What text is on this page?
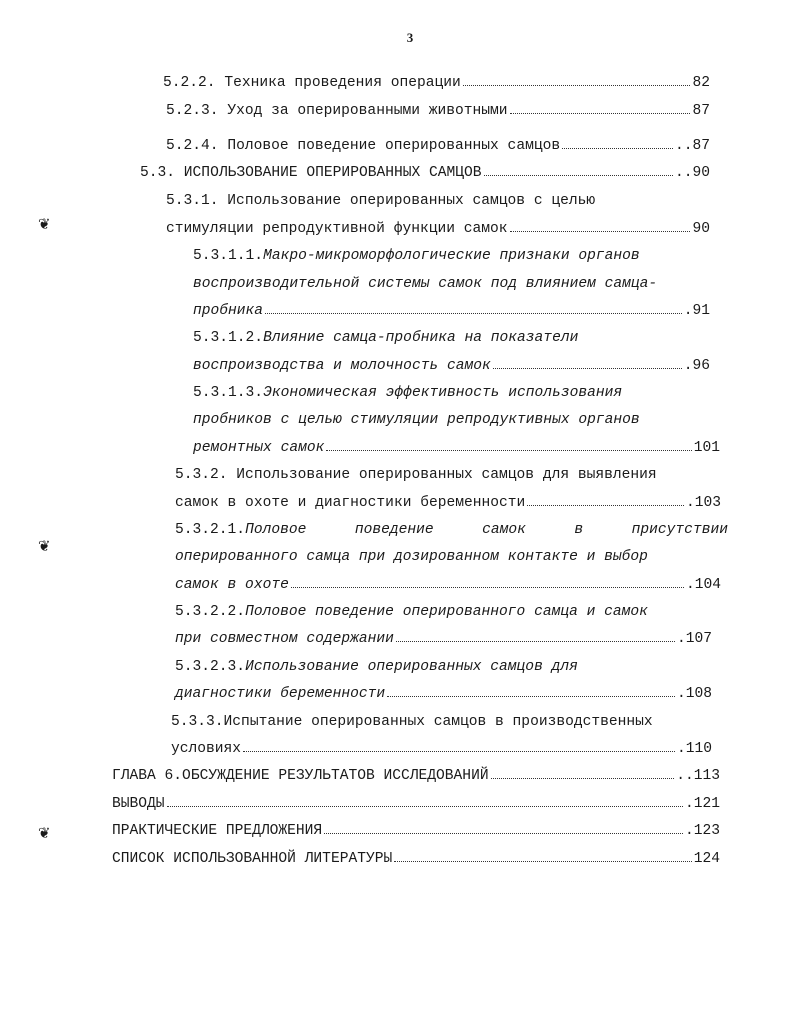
3
❦
❦
❦
5.2.2. Техника проведения операции	82
5.2.3. Уход за оперированными животными	87
5.2.4. Половое поведение оперированных самцов	..87
5.3. ИСПОЛЬЗОВАНИЕ ОПЕРИРОВАННЫХ САМЦОВ	..90
5.3.1. Использование оперированных самцов с целью
стимуляции репродуктивной функции самок	90
5.3.1.1.Макро-микроморфологические признаки органов
воспроизводительной системы самок под влиянием самца-
пробника	.91
5.3.1.2.Влияние самца-пробника на показатели
воспроизводства и молочность самок	.96
5.3.1.3.Экономическая эффективность использования
пробников с целью стимуляции репродуктивных органов
ремонтных самок	101
5.3.2. Использование оперированных самцов для выявления
самок в охоте и диагностики беременности	.103
5.3.2.1.Половое	поведение	самок	в	присутствии
оперированного самца при дозированном контакте и выбор
самок в охоте	.104
5.3.2.2.Половое поведение оперированного самца и самок
при совместном содержании	.107
5.3.2.3.Использование оперированных самцов для
диагностики беременности	.108
5.3.3.Испытание оперированных самцов в производственных
условиях	.110
ГЛАВА 6.ОБСУЖДЕНИЕ РЕЗУЛЬТАТОВ ИССЛЕДОВАНИЙ	..113
ВЫВОДЫ	.121
ПРАКТИЧЕСКИЕ ПРЕДЛОЖЕНИЯ	.123
СПИСОК ИСПОЛЬЗОВАННОЙ ЛИТЕРАТУРЫ	124
